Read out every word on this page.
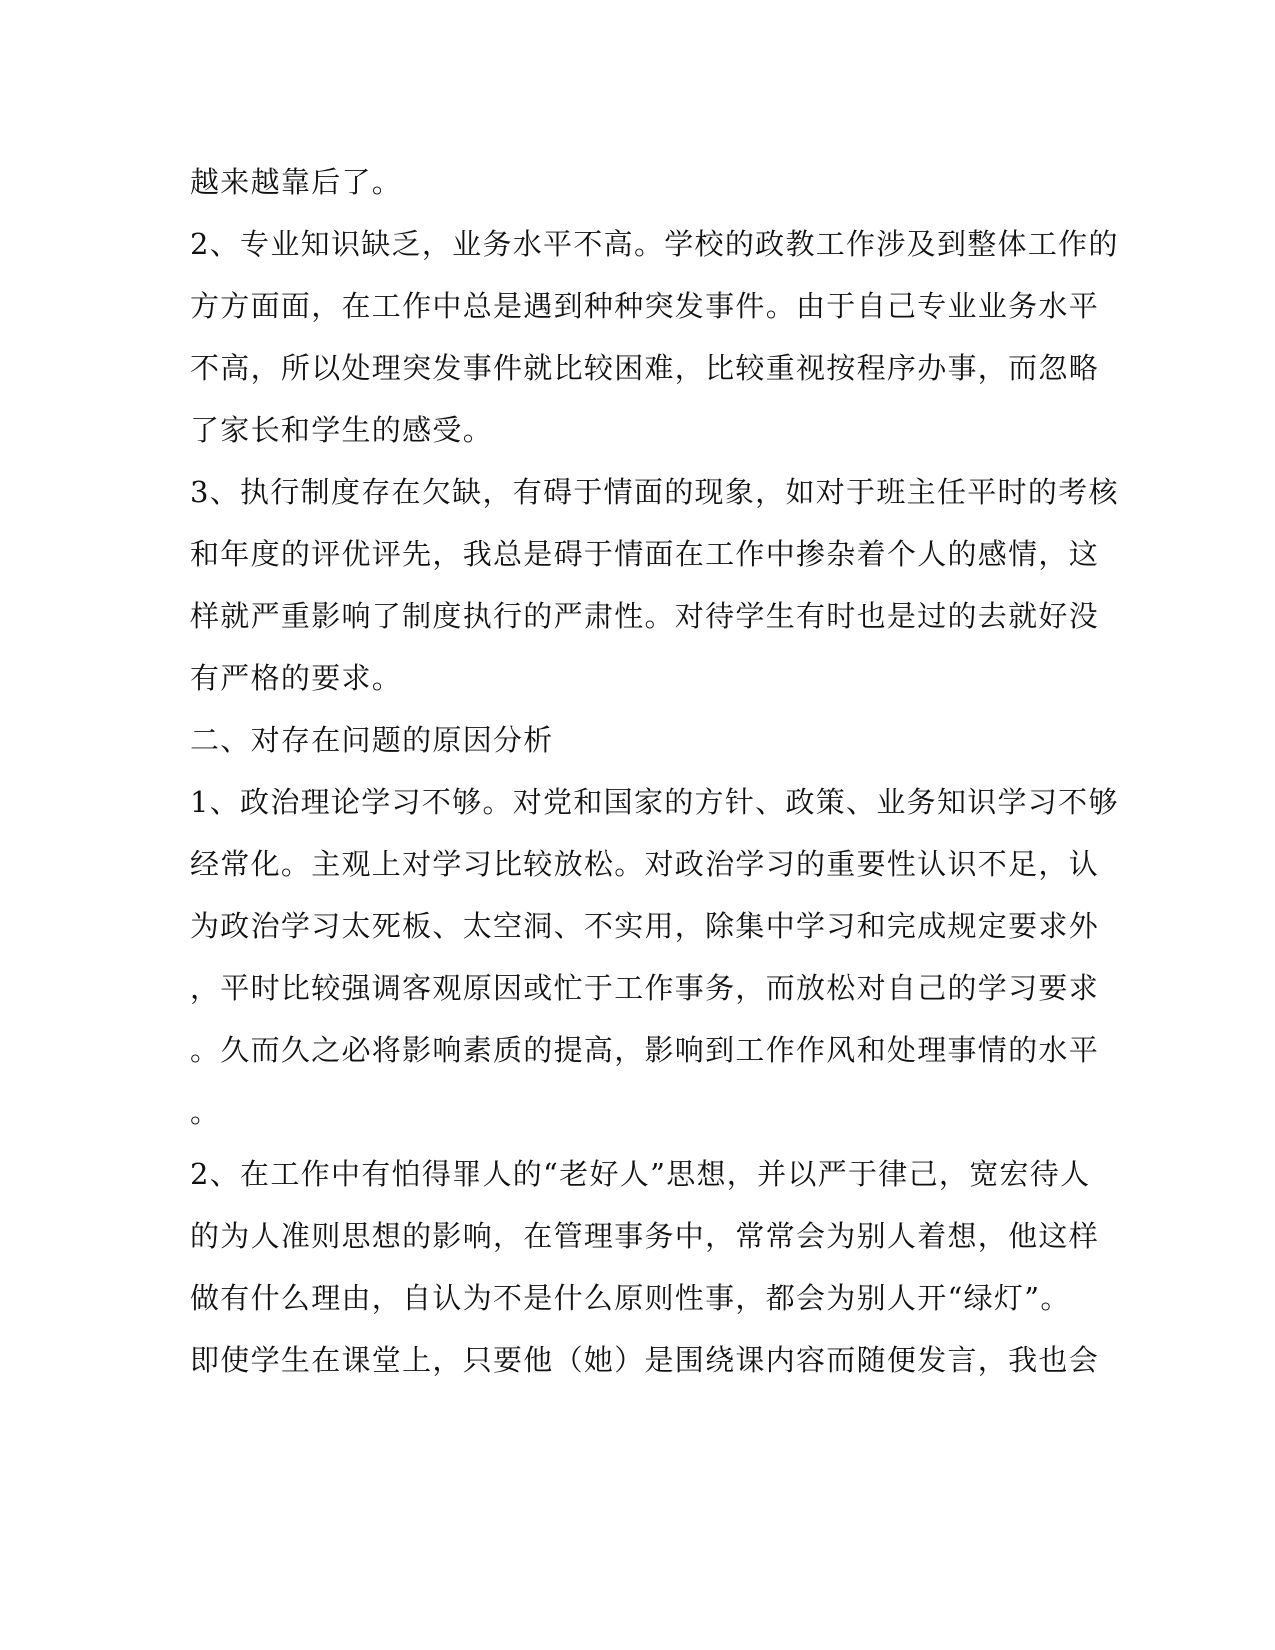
越来越靠后了。
2、专业知识缺乏，业务水平不高。学校的政教工作涉及到整体工作的
方方面面，在工作中总是遇到种种突发事件。由于自己专业业务水平
不高，所以处理突发事件就比较困难，比较重视按程序办事，而忽略
了家长和学生的感受。
3、执行制度存在欠缺，有碍于情面的现象，如对于班主任平时的考核
和年度的评优评先，我总是碍于情面在工作中掺杂着个人的感情，这
样就严重影响了制度执行的严肃性。对待学生有时也是过的去就好没
有严格的要求。
二、对存在问题的原因分析
1、政治理论学习不够。对党和国家的方针、政策、业务知识学习不够
经常化。主观上对学习比较放松。对政治学习的重要性认识不足，认
为政治学习太死板、太空洞、不实用，除集中学习和完成规定要求外
，平时比较强调客观原因或忙于工作事务，而放松对自己的学习要求
。久而久之必将影响素质的提高，影响到工作作风和处理事情的水平
。
2、在工作中有怕得罪人的“老好人”思想，并以严于律己，宽宏待人
的为人准则思想的影响，在管理事务中，常常会为别人着想，他这样
做有什么理由，自认为不是什么原则性事，都会为别人开“绿灯”。
即使学生在课堂上，只要他（她）是围绕课内容而随便发言，我也会
